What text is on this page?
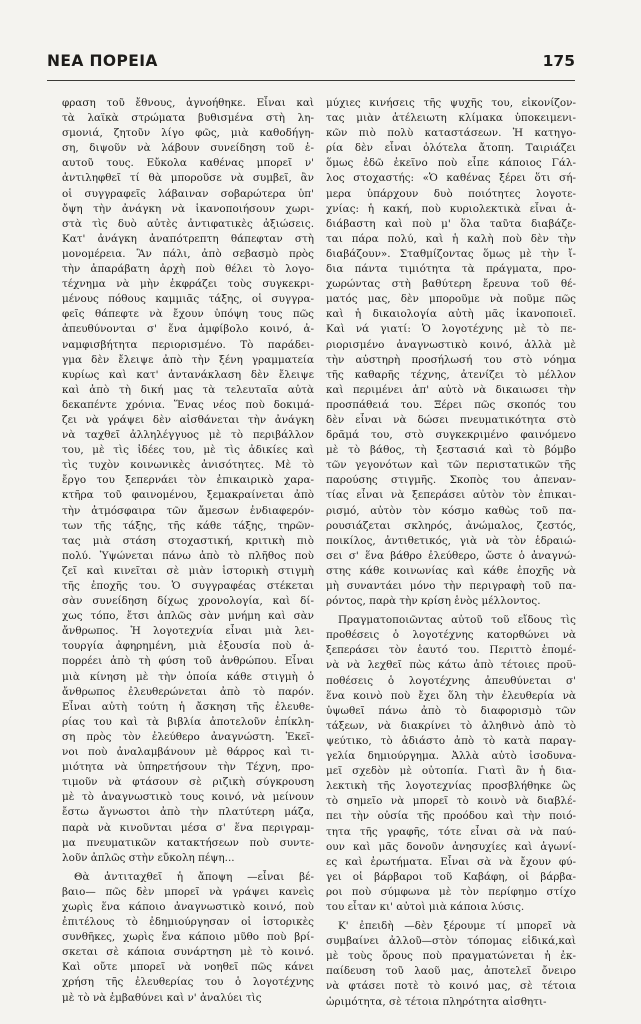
ΝΕΑ ΠΟΡΕΙΑ	175
φραση τοῦ ἔθνους, ἀγνοήθηκε. Εἶναι καὶ
τὰ λαϊκὰ στρώματα βυθισμένα στὴ λη-
σμονιά, ζητοῦν λίγο φῶς, μιὰ καθοδήγη-
ση, διψοῦν νὰ λάβουν συνείδηση τοῦ ἑ-
αυτοῦ τους. Εὔκολα καθένας μπορεῖ ν'
ἀντιληφθεῖ τί θὰ μποροῦσε νὰ συμβεῖ, ἂν
οἱ συγγραφεῖς λάβαιναν σοβαρώτερα ὑπ'
ὄψη τὴν ἀνάγκη νὰ ἱκανοποιήσουν χωρι-
στὰ τὶς δυὸ αὐτὲς ἀντιφατικὲς ἀξιώσεις.
Κατ' ἀνάγκη ἀναπότρεπτη θάπεφταν στὴ
μονομέρεια. Ἂν πάλι, ἀπὸ σεβασμὸ πρὸς
τὴν ἀπαράβατη ἀρχὴ ποὺ θέλει τὸ λογο-
τέχνημα νὰ μὴν ἐκφράζει τοὺς συγκεκρι-
μένους πόθους καμμιᾶς τάξης, οἱ συγγρα-
φεῖς θάπεφτε νὰ ἔχουν ὑπόψη τους πῶς
ἀπευθύνονται σ' ἕνα ἀμφίβολο κοινό, ἀ-
ναμφισβήτητα περιορισμένο. Τὸ παράδει-
γμα δὲν ἔλειψε ἀπὸ τὴν ξένη γραμματεία
κυρίως καὶ κατ' ἀντανάκλαση δὲν ἔλειψε
καὶ ἀπὸ τὴ δική μας τὰ τελευταῖα αὐτὰ
δεκαπέντε χρόνια. Ἕνας νέος ποὺ δοκιμά-
ζει νὰ γράψει δὲν αἰσθάνεται τὴν ἀνάγκη
νὰ ταχθεῖ ἀλληλέγγυος μὲ τὸ περιβάλλον
του, μὲ τὶς ἰδέες του, μὲ τὶς ἀδικίες καὶ
τὶς τυχὸν κοινωνικὲς ἀνισότητες. Μὲ τὸ
ἔργο του ξεπερνάει τὸν ἐπικαιρικὸ χαρα-
κτῆρα τοῦ φαινομένου, ξεμακραίνεται ἀπὸ
τὴν ἀτμόσφαιρα τῶν ἄμεσων ἐνδιαφερόν-
των τῆς τάξης, τῆς κάθε τάξης, τηρῶν-
τας μιὰ στάση στοχαστική, κριτικὴ πιὸ
πολύ. Ὑψώνεται πάνω ἀπὸ τὸ πλῆθος ποὺ
ζεῖ καὶ κινεῖται σὲ μιὰν ἱστορικὴ στιγμὴ
τῆς ἐποχῆς του. Ὁ συγγραφέας στέκεται
σὰν συνείδηση δίχως χρονολογία, καὶ δί-
χως τόπο, ἔτσι ἁπλῶς σὰν μνήμη καὶ σὰν
ἄνθρωπος. Ἡ λογοτεχνία εἶναι μιὰ λει-
τουργία ἀφηρημένη, μιὰ ἐξουσία ποὺ ἀ-
πορρέει ἀπὸ τὴ φύση τοῦ ἀνθρώπου. Εἶναι
μιὰ κίνηση μὲ τὴν ὁποία κάθε στιγμὴ ὁ
ἄνθρωπος ἐλευθερώνεται ἀπὸ τὸ παρόν.
Εἶναι αὐτὴ τούτη ἡ ἄσκηση τῆς ἐλευθε-
ρίας του καὶ τὰ βιβλία ἀποτελοῦν ἐπίκλη-
ση πρὸς τὸν ἐλεύθερο ἀναγνώστη. Ἐκεῖ-
νοι ποὺ ἀναλαμβάνουν μὲ θάρρος καὶ τι-
μιότητα νὰ ὑπηρετήσουν τὴν Τέχνη, προ-
τιμοῦν νὰ φτάσουν σὲ ριζικὴ σύγκρουση
μὲ τὸ ἀναγνωστικὸ τους κοινό, νὰ μείνουν
ἔστω ἄγνωστοι ἀπὸ τὴν πλατύτερη μάζα,
παρὰ νὰ κινοῦνται μέσα σ' ἕνα περιγραμ-
μα πνευματικῶν κατακτήσεων ποὺ συντε-
λοῦν ἀπλῶς στὴν εὔκολη πέψη...
Θὰ ἀντιταχθεῖ ἡ ἄποψη —εἶναι βέ-
βαιο— πῶς δὲν μπορεῖ νὰ γράψει κανεὶς
χωρὶς ἕνα κάποιο ἀναγνωστικὸ κοινό, ποὺ
ἐπιτέλους τὸ ἐδημιούργησαν οἱ ἱστορικὲς
συνθῆκες, χωρὶς ἕνα κάποιο μῦθο ποὺ βρί-
σκεται σὲ κάποια συνάρτηση μὲ τὸ κοινό.
Καὶ οὔτε μπορεῖ νὰ νοηθεῖ πῶς κάνει
χρήση τῆς ἐλευθερίας του ὁ λογοτέχνης
μὲ τὸ νὰ ἐμβαθύνει καὶ ν' ἀναλύει τὶς
μύχιες κινήσεις τῆς ψυχῆς του, εἰκονίζον-
τας μιὰν ἀτέλειωτη κλίμακα ὑποκειμενι-
κῶν πιὸ πολὺ καταστάσεων. Ἡ κατηγο-
ρία δὲν εἶναι ὁλότελα ἄτοπη. Ταιριάζει
ὅμως ἐδῶ ἐκεῖνο ποὺ εἶπε κάποιος Γάλ-
λος στοχαστής: «Ὁ καθένας ξέρει ὅτι σή-
μερα ὑπάρχουν δυὸ ποιότητες λογοτε-
χνίας: ἡ κακή, ποὺ κυριολεκτικὰ εἶναι ἀ-
διάβαστη καὶ ποὺ μ' ὅλα ταῦτα διαβάζε-
ται πάρα πολύ, καὶ ἡ καλὴ ποὺ δὲν τὴν
διαβάζουν». Σταθμίζοντας ὅμως μὲ τὴν ἴ-
δια πάντα τιμιότητα τὰ πράγματα, προ-
χωρώντας στὴ βαθύτερη ἔρευνα τοῦ θέ-
ματός μας, δὲν μποροῦμε νὰ ποῦμε πῶς
καὶ ἡ δικαιολογία αὐτὴ μᾶς ἱκανοποιεῖ.
Καὶ νά γιατί: Ὁ λογοτέχνης μὲ τὸ πε-
ριορισμένο ἀναγνωστικὸ κοινό, ἀλλὰ μὲ
τὴν αὐστηρὴ προσήλωσή του στὸ νόημα
τῆς καθαρῆς τέχνης, ἀτενίζει τὸ μέλλον
καὶ περιμένει ἀπ' αὐτὸ νὰ δικαιωσει τὴν
προσπάθειά του. Ξέρει πῶς σκοπός του
δὲν εἶναι νὰ δώσει πνευματικότητα στὸ
δρᾶμά του, στὸ συγκεκριμένο φαινόμενο
μὲ τὸ βάθος, τὴ ξεστασιά καὶ τὸ βόμβο
τῶν γεγονότων καὶ τῶν περιστατικῶν τῆς
παρούσης στιγμῆς. Σκοπὸς του ἀπεναν-
τίας εἶναι νὰ ξεπεράσει αὐτὸν τὸν ἐπικαι-
ρισμό, αὐτὸν τὸν κόσμο καθὼς τοῦ πα-
ρουσιάζεται σκληρός, ἀνώμαλος, ζεστός,
ποικίλος, ἀντιθετικός, γιὰ νὰ τὸν ἑδραιώ-
σει σ' ἕνα βάθρο ἐλεύθερο, ὥστε ὁ ἀναγνώ-
στης κάθε κοινωνίας καὶ κάθε ἐποχῆς νὰ
μὴ συναντάει μόνο τὴν περιγραφὴ τοῦ πα-
ρόντος, παρὰ τὴν κρίση ἑνὸς μέλλοντος.
Πραγματοποιῶντας αὐτοῦ τοῦ εἴδους τὶς
προθέσεις ὁ λογοτέχνης κατορθώνει νὰ
ξεπεράσει τὸν ἑαυτό του. Περιττὸ ἐπομέ-
νὰ νὰ λεχθεῖ πὼς κάτω ἀπὸ τέτοιες προϋ-
ποθέσεις ὁ λογοτέχνης ἀπευθύνεται σ'
ἕνα κοινὸ ποὺ ἔχει ὅλη τὴν ἐλευθερία νὰ
ὑψωθεῖ πάνω ἀπὸ τὸ διαφορισμὸ τῶν
τάξεων, νὰ διακρίνει τὸ ἀληθινὸ ἀπὸ τὸ
ψεύτικο, τὸ ἀδιάστο ἀπὸ τὸ κατὰ παραγ-
γελία δημιούργημα. Ἀλλὰ αὐτὸ ἰσοδυνα-
μεῖ σχεδὸν μὲ οὐτοπία. Γιατὶ ἂν ἡ δια-
λεκτικὴ τῆς λογοτεχνίας προσβλήθηκε ὣς
τὸ σημεῖο νὰ μπορεῖ τὸ κοινὸ νὰ διαβλέ-
πει τὴν οὐσία τῆς προόδου καὶ τὴν ποιό-
τητα τῆς γραφῆς, τότε εἶναι σὰ νὰ παύ-
ουν καὶ μᾶς δονοῦν ἀνησυχίες καὶ ἀγωνί-
ες καὶ ἐρωτήματα. Εἶναι σὰ νὰ ἔχουν φύ-
γει οἱ βάρβαροι τοῦ Καβάφη, οἱ βάρβα-
ροι ποὺ σύμφωνα μὲ τὸν περίφημο στίχο
του εἶταν κι' αὐτοὶ μιὰ κάποια λύσις.
Κ' ἐπειδὴ —δὲν ξέρουμε τί μπορεῖ νὰ
συμβαίνει ἀλλοῦ—στὸν τόπομας εἰδικά,καὶ
μὲ τοὺς ὅρους ποὺ πραγματώνεται ἡ ἐκ-
παίδευση τοῦ λαοῦ μας, ἀποτελεῖ ὄνειρο
νὰ φτάσει ποτὲ τὸ κοινό μας, σὲ τέτοια
ὡριμότητα, σὲ τέτοια πληρότητα αἰσθητι-
